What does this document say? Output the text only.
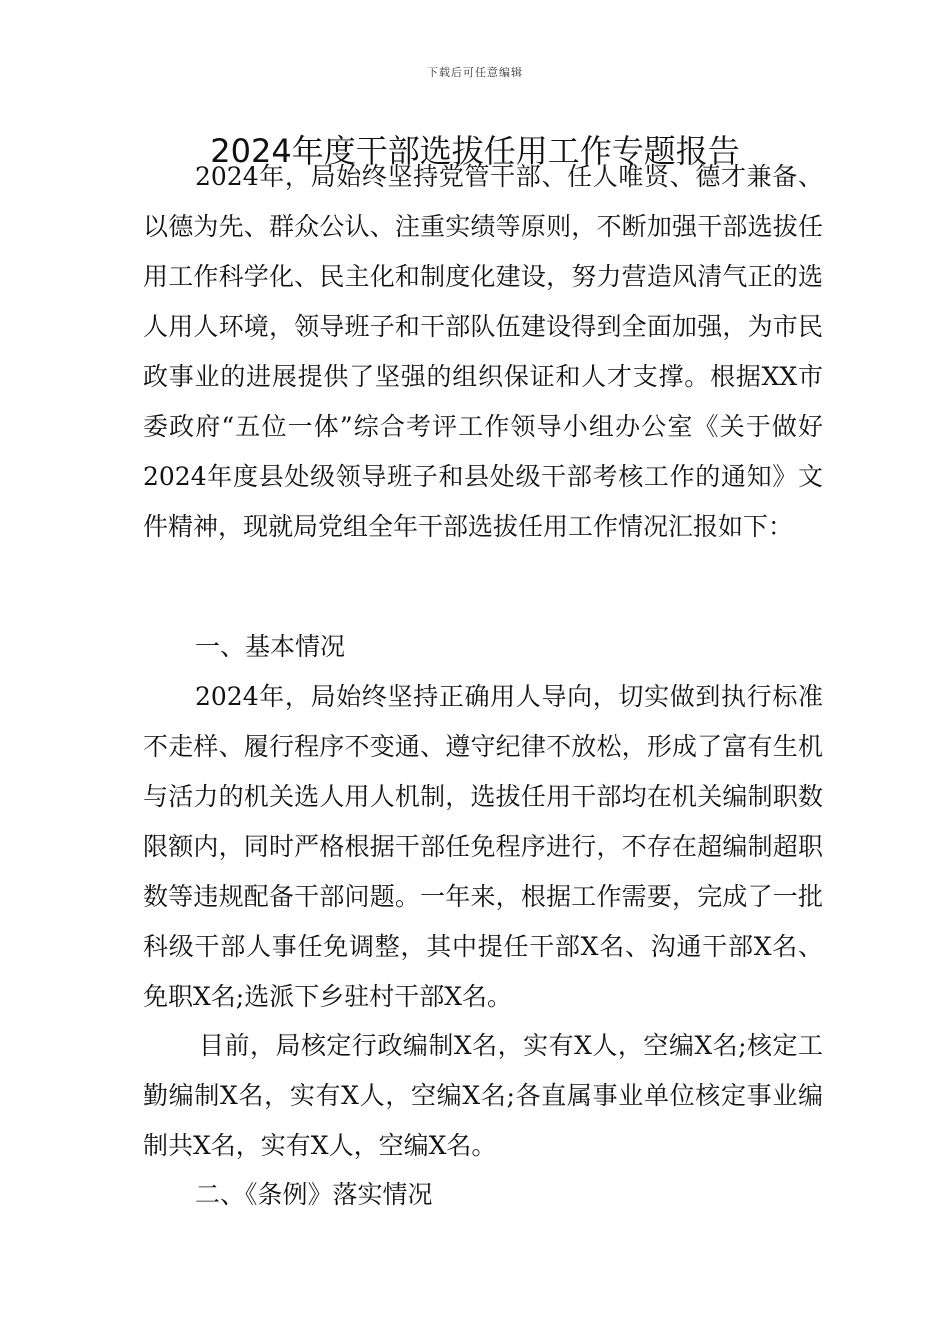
下载后可任意编辑
2024年度干部选拔任用工作专题报告

2024年，局始终坚持党管干部、任人唯贤、德才兼备、以德为先、群众公认、注重实绩等原则，不断加强干部选拔任用工作科学化、民主化和制度化建设，努力营造风清气正的选人用人环境，领导班子和干部队伍建设得到全面加强，为市民政事业的进展提供了坚强的组织保证和人才支撑。根据XX市委政府“五位一体”综合考评工作领导小组办公室《关于做好2024年度县处级领导班子和县处级干部考核工作的通知》文件精神，现就局党组全年干部选拔任用工作情况汇报如下：

一、基本情况

2024年，局始终坚持正确用人导向，切实做到执行标准不走样、履行程序不变通、遵守纪律不放松，形成了富有生机与活力的机关选人用人机制，选拔任用干部均在机关编制职数限额内，同时严格根据干部任免程序进行，不存在超编制超职数等违规配备干部问题。一年来，根据工作需要，完成了一批科级干部人事任免调整，其中提任干部X名、沟通干部X名、免职X名;选派下乡驻村干部X名。

目前，局核定行政编制X名，实有X人，空编X名;核定工勤编制X名，实有X人，空编X名;各直属事业单位核定事业编制共X名，实有X人，空编X名。

二、《条例》落实情况
